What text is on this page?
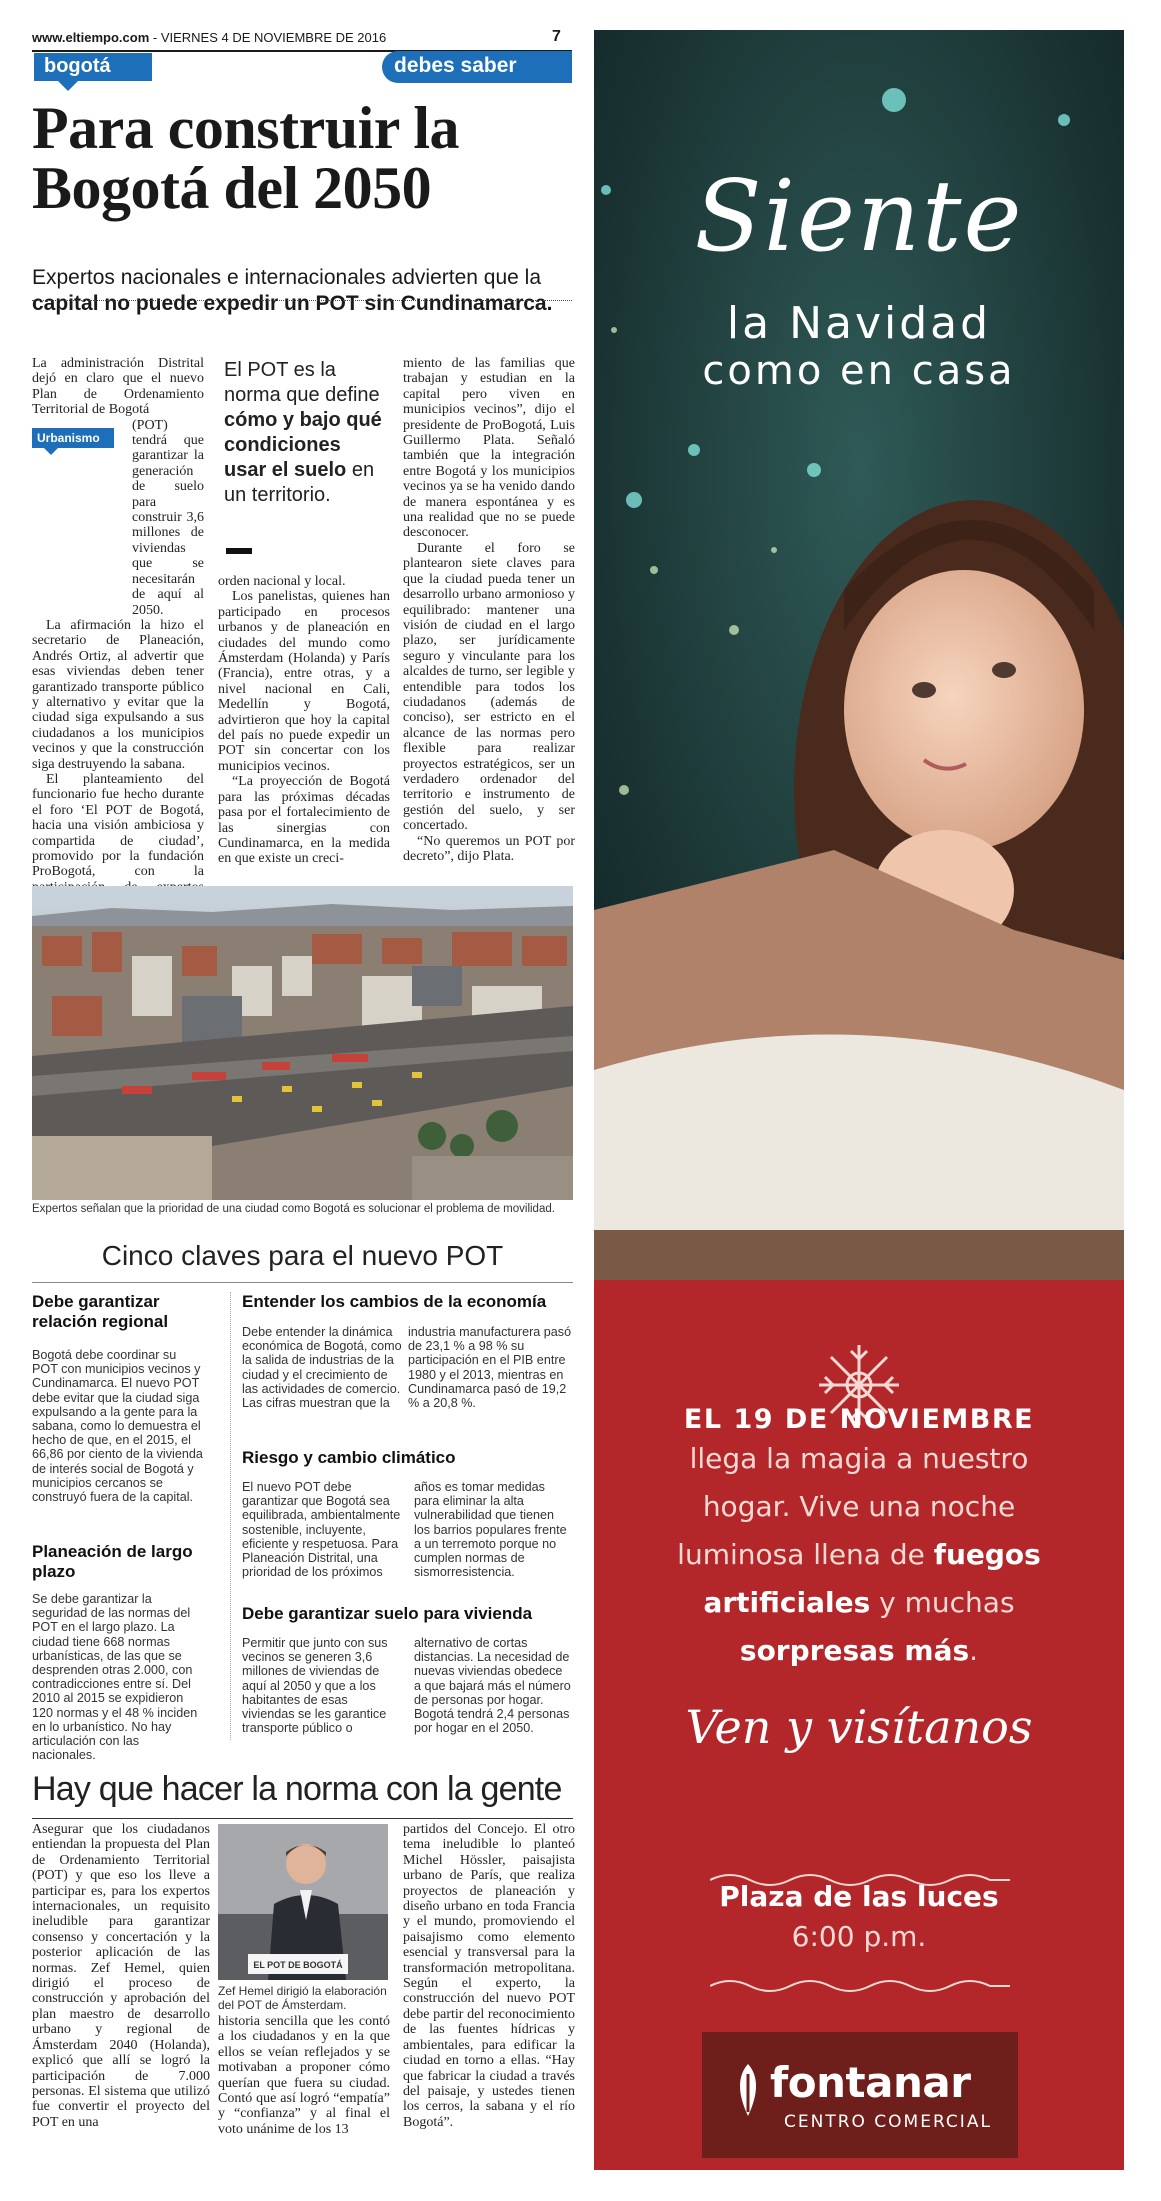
www.eltiempo.com - VIERNES 4 DE NOVIEMBRE DE 2016	7
bogotá	debes saber
Para construir la Bogotá del 2050
Expertos nacionales e internacionales advierten que la
capital no puede expedir un POT sin Cundinamarca.

La administración Distrital dejó en claro que el nuevo Plan de Ordenamiento Territorial de Bogotá

(POT) tendrá que garantizar la generación de suelo para construir 3,6 millones de viviendas que se necesitarán de aquí al 2050.

La afirmación la hizo el secretario de Planeación, Andrés Ortiz, al advertir que esas viviendas deben tener garantizado transporte público y alternativo y evitar que la ciudad siga expulsando a sus ciudadanos a los municipios vecinos y que la construcción siga destruyendo la sabana.

El planteamiento del funcionario fue hecho durante el foro ‘El POT de Bogotá, hacia una visión ambiciosa y compartida de ciudad’, promovido por la fundación ProBogotá, con la

Urbanismo
El POT es la norma que define cómo y bajo qué condiciones usar el suelo en un territorio.

orden nacional y local.

Los panelistas, quienes han participado en procesos urbanos y de planeación en ciudades del mundo como Ámsterdam (Holanda) y París (Francia), entre otras, y a nivel nacional en Cali, Medellín y Bogotá, advirtieron que hoy la capital del país no puede expedir un POT sin concertar con los municipios vecinos.

“La proyección de Bogotá para las próximas décadas pasa por el fortalecimiento de las sinergias con Cundinamarca, en la medida en que existe un creci-

miento de las familias que trabajan y estudian en la capital pero viven en municipios vecinos”, dijo el presidente de ProBogotá, Luis Guillermo Plata. Señaló también que la integración entre Bogotá y los municipios vecinos ya se ha venido dando de manera espontánea y es una realidad que no se puede desconocer.

Durante el foro se plantearon siete claves para que la ciudad pueda tener un desarrollo urbano armonioso y equilibrado: mantener una visión de ciudad en el largo plazo, ser jurídicamente seguro y vinculante para los alcaldes de turno, ser legible y entendible para todos los ciudadanos (además de conciso), ser estricto en el alcance de las normas pero flexible para realizar proyectos estratégicos, ser un verdadero ordenador del territorio e instrumento de gestión del suelo, y ser concertado.

“No queremos un POT por decreto”, dijo Plata.

Expertos señalan que la prioridad de una ciudad como Bogotá es solucionar el problema de movilidad.
Cinco claves para el nuevo POT
Debe garantizar relación regional
Bogotá debe coordinar su POT con municipios vecinos y Cundinamarca. El nuevo POT debe evitar que la ciudad siga expulsando a la gente para la sabana, como lo demuestra el hecho de que, en el 2015, el 66,86 por ciento de la vivienda de interés social de Bogotá y municipios cercanos se construyó fuera de la capital.
Planeación de largo plazo
Se debe garantizar la seguridad de las normas del POT en el largo plazo. La ciudad tiene 668 normas urbanísticas, de las que se desprenden otras 2.000, con contradicciones entre sí. Del 2010 al 2015 se expidieron 120 normas y el 48 % inciden en lo urbanístico. No hay articulación con las nacionales.
Entender los cambios de la economía
Debe entender la dinámica económica de Bogotá, como la salida de industrias de la ciudad y el crecimiento de las actividades de comercio. Las cifras muestran que la
industria manufacturera pasó de 23,1 % a 98 % su participación en el PIB entre 1980 y el 2013, mientras en Cundinamarca pasó de 19,2 % a 20,8 %.
Riesgo y cambio climático
El nuevo POT debe garantizar que Bogotá sea equilibrada, ambientalmente sostenible, incluyente, eficiente y respetuosa. Para Planeación Distrital, una prioridad de los próximos
años es tomar medidas para eliminar la alta vulnerabilidad que tienen los barrios populares frente a un terremoto porque no cumplen normas de sismorresistencia.
Debe garantizar suelo para vivienda
Permitir que junto con sus vecinos se generen 3,6 millones de viviendas de aquí al 2050 y que a los habitantes de esas viviendas se les garantice transporte público o
alternativo de cortas distancias. La necesidad de nuevas viviendas obedece a que bajará más el número de personas por hogar. Bogotá tendrá 2,4 personas por hogar en el 2050.
Hay que hacer la norma con la gente

Asegurar que los ciudadanos entiendan la propuesta del Plan de Ordenamiento Territorial (POT) y que eso los lleve a participar es, para los expertos internacionales, un requisito ineludible para garantizar consenso y concertación y la posterior aplicación de las normas. Zef Hemel, quien dirigió el proceso de construcción y aprobación del plan maestro de desarrollo urbano y regional de Ámsterdam 2040 (Holanda), explicó que allí se logró la participación de 7.000 personas. El sistema que utilizó fue convertir el proyecto del POT en una

EL POT DE BOGOTÁ
Zef Hemel dirigió la elaboración del POT de Ámsterdam.

historia sencilla que les contó a los ciudadanos y en la que ellos se veían reflejados y se motivaban a proponer cómo querían que fuera su ciudad. Contó que así logró “empatía” y “confianza” y al final el voto unánime de los 13

partidos del Concejo. El otro tema ineludible lo planteó Michel Hössler, paisajista urbano de París, que realiza proyectos de planeación y diseño urbano en toda Francia y el mundo, promoviendo el paisajismo como elemento esencial y transversal para la transformación metropolitana. Según el experto, la construcción del nuevo POT debe partir del reconocimiento de las fuentes hídricas y ambientales, para edificar la ciudad en torno a ellas. “Hay que fabricar la ciudad a través del paisaje, y ustedes tienen los cerros, la sabana y el río Bogotá”.

Siente
la Navidad
como en casa
EL 19 DE NOVIEMBRE
llega la magia a nuestro
hogar. Vive una noche
luminosa llena de fuegos
artificiales y muchas
sorpresas más.
Ven y visítanos
Plaza de las luces
6:00 p.m.
fontanar
CENTRO COMERCIAL
